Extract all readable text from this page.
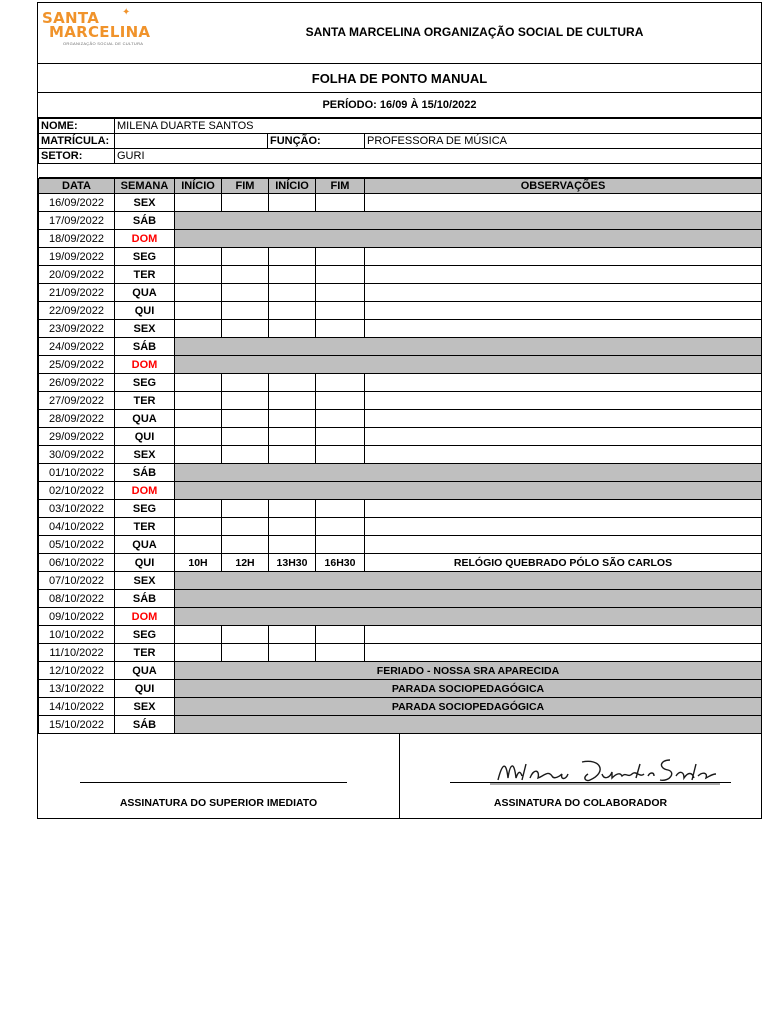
✦
SANTA
MARCELINA
ORGANIZAÇÃO SOCIAL DE CULTURA
SANTA MARCELINA ORGANIZAÇÃO SOCIAL DE CULTURA
FOLHA DE PONTO MANUAL
PERÍODO: 16/09 À 15/10/2022
NOME:	MILENA DUARTE SANTOS		
MATRÍCULA:		FUNÇÃO:	PROFESSORA DE MÚSICA
SETOR:	GURI		

DATA	SEMANA	INÍCIO	FIM	INÍCIO	FIM	OBSERVAÇÕES
16/09/2022	SEX					
17/09/2022	SÁB					
18/09/2022	DOM					
19/09/2022	SEG					
20/09/2022	TER					
21/09/2022	QUA					
22/09/2022	QUI					
23/09/2022	SEX					
24/09/2022	SÁB					
25/09/2022	DOM					
26/09/2022	SEG					
27/09/2022	TER					
28/09/2022	QUA					
29/09/2022	QUI					
30/09/2022	SEX					
01/10/2022	SÁB					
02/10/2022	DOM					
03/10/2022	SEG					
04/10/2022	TER					
05/10/2022	QUA					
06/10/2022	QUI	10H	12H	13H30	16H30	RELÓGIO QUEBRADO PÓLO SÃO CARLOS
07/10/2022	SEX					
08/10/2022	SÁB					
09/10/2022	DOM					
10/10/2022	SEG					
11/10/2022	TER					
12/10/2022	QUA	FERIADO - NOSSA SRA APARECIDA				
13/10/2022	QUI	PARADA SOCIOPEDAGÓGICA				
14/10/2022	SEX	PARADA SOCIOPEDAGÓGICA				
15/10/2022	SÁB					
ASSINATURA DO SUPERIOR IMEDIATO	ASSINATURA DO COLABORADOR
